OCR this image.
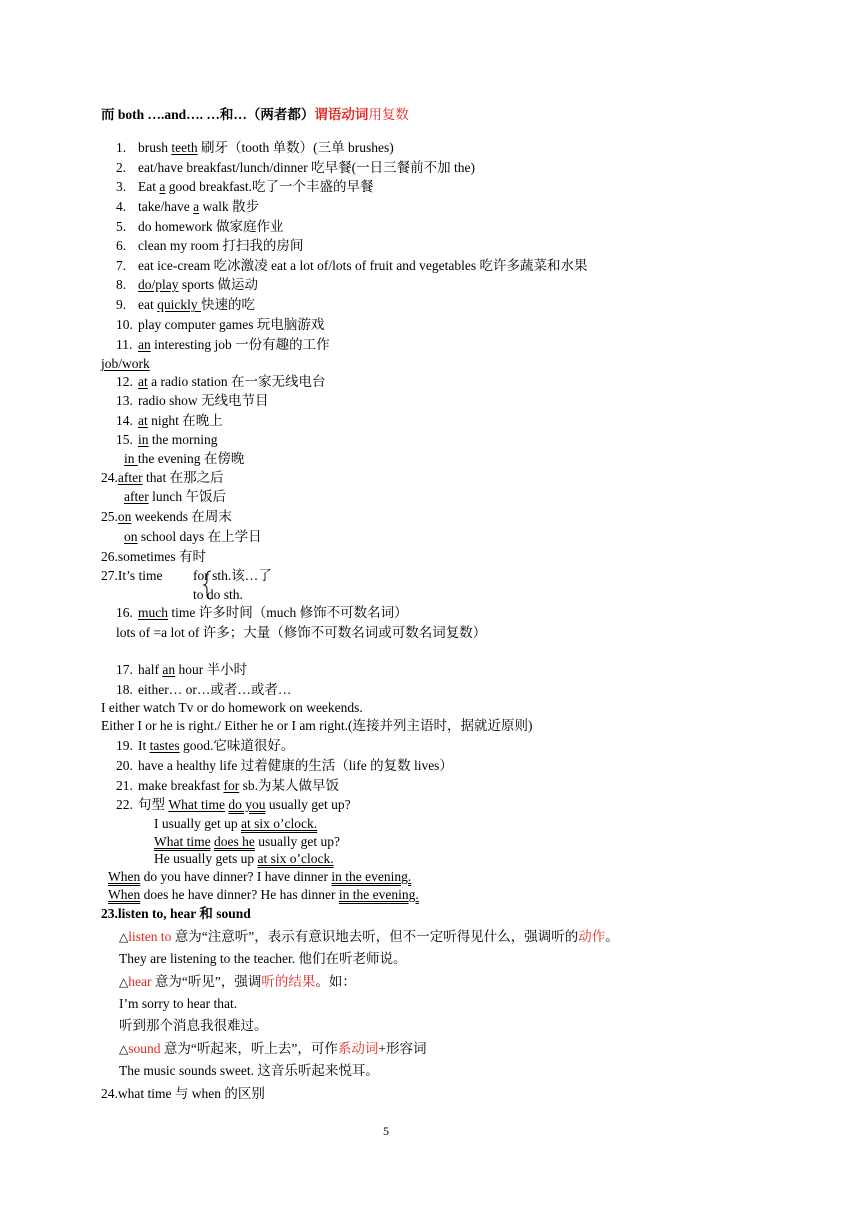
而 both ….and…. …和…（两者都）谓语动词用复数
1. brush teeth 刷牙（tooth 单数）(三单 brushes)
2. eat/have breakfast/lunch/dinner 吃早餐(一日三餐前不加 the)
3. Eat a good breakfast.吃了一个丰盛的早餐
4. take/have a walk 散步
5. do homework 做家庭作业
6. clean my room 打扫我的房间
7. eat ice-cream 吃冰激凌 eat a lot of/lots of fruit and vegetables 吃许多蔬菜和水果
8. do/play sports 做运动
9. eat quickly 快速的吃
10. play computer games 玩电脑游戏
11. an interesting job 一份有趣的工作
job/work
12. at a radio station 在一家无线电台
13. radio show 无线电节目
14. at night 在晚上
15. in the morning
in the evening 在傍晚
24.after that 在那之后
after lunch 午饭后
25.on weekends 在周末
on school days 在上学日
26.sometimes 有时
27.It’s time for sth.该…了
to do sth.
16. much time 许多时间（much 修饰不可数名词）
lots of =a lot of 许多；大量（修饰不可数名词或可数名词复数）
17. half an hour 半小时
18. either… or…或者…或者…
I either watch Tv or do homework on weekends.
Either I or he is right./ Either he or I am right.(连接并列主语时，据就近原则)
19. It tastes good.它味道很好。
20. have a healthy life 过着健康的生活（life 的复数 lives）
21. make breakfast for sb.为某人做早饭
22. 句型 What time do you usually get up?
I usually get up at six o’clock.
What time does he usually get up?
He usually gets up at six o’clock.
When do you have dinner? I have dinner in the evening.
When does he have dinner? He has dinner in the evening.
23.listen to, hear 和 sound
△listen to 意为“注意听”，表示有意识地去听，但不一定听得见什么，强调听的动作。
They are listening to the teacher. 他们在听老师说。
△hear 意为“听见”，强调听的结果。如：
I’m sorry to hear that.
听到那个消息我很难过。
△sound 意为“听起来，听上去”，可作系动词+形容词
The music sounds sweet. 这音乐听起来悦耳。
24.what time 与 when 的区别
5
